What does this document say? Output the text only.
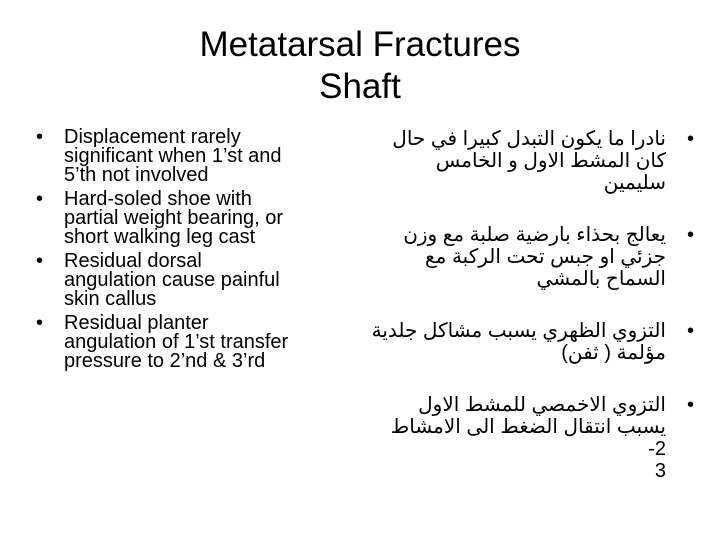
Metatarsal Fractures
Shaft
• Displacement rarely
significant when 1’st and
5’th not involved
• Hard-soled shoe with
partial weight bearing, or
short walking leg cast
• Residual dorsal
angulation cause painful
skin callus
• Residual planter
angulation of 1’st transfer
pressure to 2’nd & 3’rd
•
نادرا ما يكون التبدل كبيرا في حال
كان المشط الاول و الخامس سليمين
•
يعالج بحذاء بارضية صلبة مع وزن
جزئي او جبس تحت الركبة مع
السماح بالمشي
•
التزوي الظهري يسبب مشاكل جلدية
مؤلمة ( ثفن)
•
التزوي الاخمصي للمشط الاول
يسبب انتقال الضغط الى الامشاط 2-
3
